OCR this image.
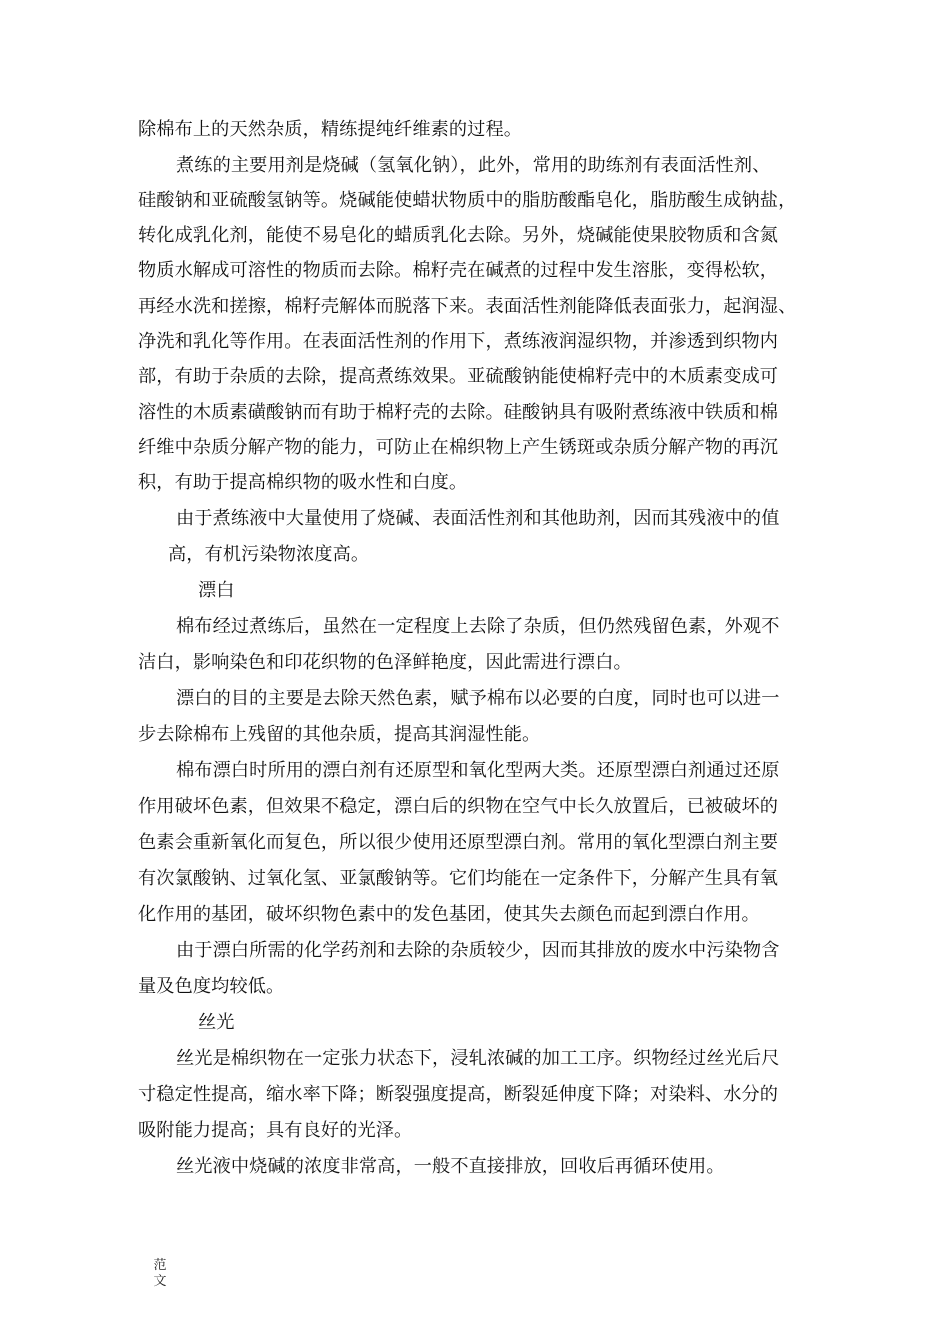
除棉布上的天然杂质，精练提纯纤维素的过程。
煮练的主要用剂是烧碱（氢氧化钠），此外，常用的助练剂有表面活性剂、
硅酸钠和亚硫酸氢钠等。烧碱能使蜡状物质中的脂肪酸酯皂化，脂肪酸生成钠盐，
转化成乳化剂，能使不易皂化的蜡质乳化去除。另外，烧碱能使果胶物质和含氮
物质水解成可溶性的物质而去除。棉籽壳在碱煮的过程中发生溶胀，变得松软，
再经水洗和搓擦，棉籽壳解体而脱落下来。表面活性剂能降低表面张力，起润湿、
净洗和乳化等作用。在表面活性剂的作用下，煮练液润湿织物，并渗透到织物内
部，有助于杂质的去除，提高煮练效果。亚硫酸钠能使棉籽壳中的木质素变成可
溶性的木质素磺酸钠而有助于棉籽壳的去除。硅酸钠具有吸附煮练液中铁质和棉
纤维中杂质分解产物的能力，可防止在棉织物上产生锈斑或杂质分解产物的再沉
积，有助于提高棉织物的吸水性和白度。
由于煮练液中大量使用了烧碱、表面活性剂和其他助剂，因而其残液中的值
高，有机污染物浓度高。
漂白
棉布经过煮练后，虽然在一定程度上去除了杂质，但仍然残留色素，外观不
洁白，影响染色和印花织物的色泽鲜艳度，因此需进行漂白。
漂白的目的主要是去除天然色素，赋予棉布以必要的白度，同时也可以进一
步去除棉布上残留的其他杂质，提高其润湿性能。
棉布漂白时所用的漂白剂有还原型和氧化型两大类。还原型漂白剂通过还原
作用破坏色素，但效果不稳定，漂白后的织物在空气中长久放置后，已被破坏的
色素会重新氧化而复色，所以很少使用还原型漂白剂。常用的氧化型漂白剂主要
有次氯酸钠、过氧化氢、亚氯酸钠等。它们均能在一定条件下，分解产生具有氧
化作用的基团，破坏织物色素中的发色基团，使其失去颜色而起到漂白作用。
由于漂白所需的化学药剂和去除的杂质较少，因而其排放的废水中污染物含
量及色度均较低。
丝光
丝光是棉织物在一定张力状态下，浸轧浓碱的加工工序。织物经过丝光后尺
寸稳定性提高，缩水率下降；断裂强度提高，断裂延伸度下降；对染料、水分的
吸附能力提高；具有良好的光泽。
丝光液中烧碱的浓度非常高，一般不直接排放，回收后再循环使用。
范
文
